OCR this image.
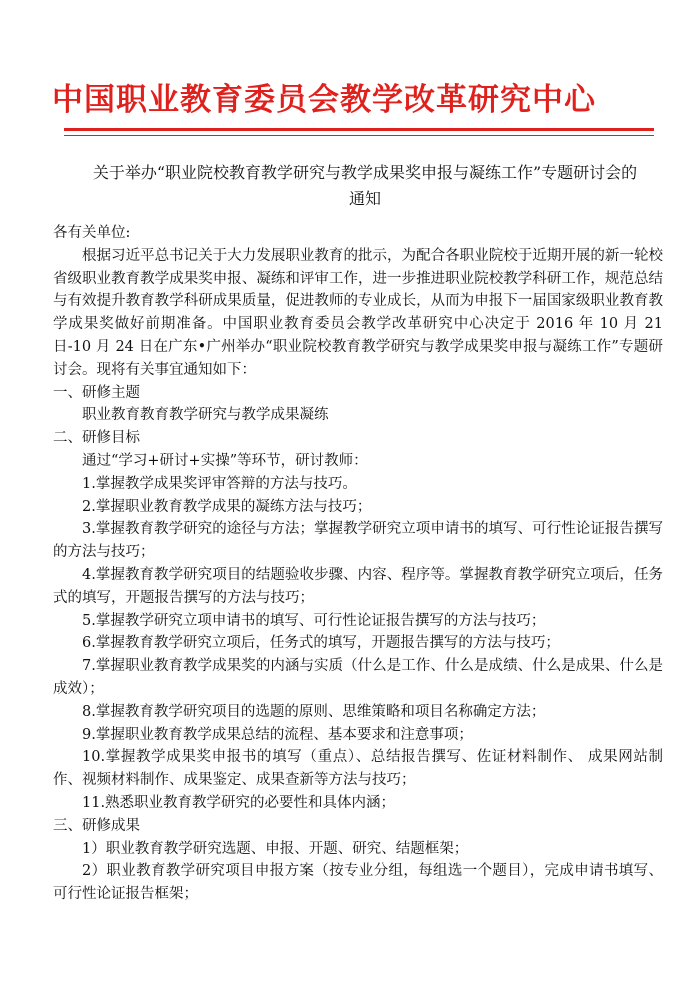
中国职业教育委员会教学改革研究中心
关于举办“职业院校教育教学研究与教学成果奖申报与凝练工作”专题研讨会的通知

各有关单位:

根据习近平总书记关于大力发展职业教育的批示，为配合各职业院校于近期开展的新一轮校省级职业教育教学成果奖申报、凝练和评审工作，进一步推进职业院校教学科研工作，规范总结与有效提升教育教学科研成果质量，促进教师的专业成长，从而为申报下一届国家级职业教育教学成果奖做好前期准备。中国职业教育委员会教学改革研究中心决定于 2016 年 10 月 21 日-10 月 24 日在广东•广州举办“职业院校教育教学研究与教学成果奖申报与凝练工作”专题研讨会。现将有关事宜通知如下：

一、研修主题

职业教育教育教学研究与教学成果凝练

二、研修目标

通过“学习+研讨+实操”等环节，研讨教师：

1.掌握教学成果奖评审答辩的方法与技巧。

2.掌握职业教育教学成果的凝练方法与技巧；

3.掌握教育教学研究的途径与方法；掌握教学研究立项申请书的填写、可行性论证报告撰写的方法与技巧；

4.掌握教育教学研究项目的结题验收步骤、内容、程序等。掌握教育教学研究立项后，任务式的填写，开题报告撰写的方法与技巧；

5.掌握教学研究立项申请书的填写、可行性论证报告撰写的方法与技巧；

6.掌握教育教学研究立项后，任务式的填写，开题报告撰写的方法与技巧；

7.掌握职业教育教学成果奖的内涵与实质（什么是工作、什么是成绩、什么是成果、什么是成效）；

8.掌握教育教学研究项目的选题的原则、思维策略和项目名称确定方法；

9.掌握职业教育教学成果总结的流程、基本要求和注意事项；

10.掌握教学成果奖申报书的填写（重点）、总结报告撰写、佐证材料制作、 成果网站制作、视频材料制作、成果鉴定、成果查新等方法与技巧；

11.熟悉职业教育教学研究的必要性和具体内涵；

三、研修成果

1）职业教育教学研究选题、申报、开题、研究、结题框架；

2）职业教育教学研究项目申报方案（按专业分组，每组选一个题目），完成申请书填写、可行性论证报告框架；
